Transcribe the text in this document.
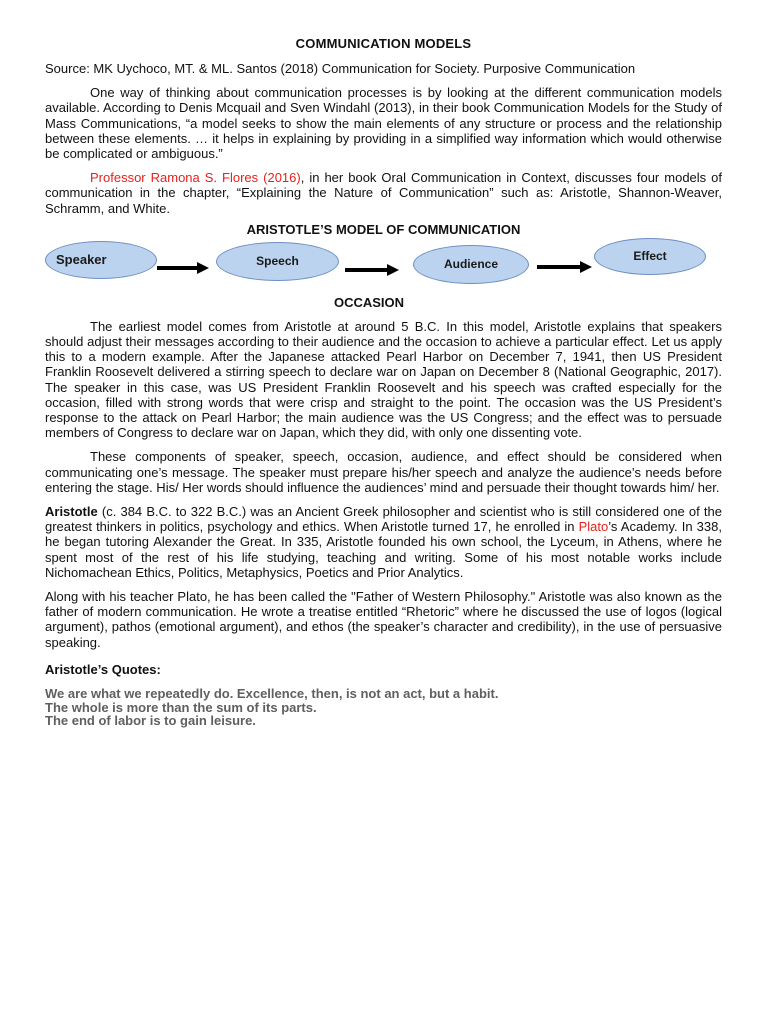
COMMUNICATION MODELS

Source: MK Uychoco, MT. & ML. Santos (2018) Communication for Society. Purposive Communication

One way of thinking about communication processes is by looking at the different communication models available. According to Denis Mcquail and Sven Windahl (2013), in their book Communication Models for the Study of Mass Communications, “a model seeks to show the main elements of any structure or process and the relationship between these elements. … it helps in explaining by providing in a simplified way information which would otherwise be complicated or ambiguous.”

Professor Ramona S. Flores (2016), in her book Oral Communication in Context, discusses four models of communication in the chapter, “Explaining the Nature of Communication” such as: Aristotle, Shannon-Weaver, Schramm, and White.

ARISTOTLE’S MODEL OF COMMUNICATION
Speaker	Speech	Audience
Effect
OCCASION

The earliest model comes from Aristotle at around 5 B.C. In this model, Aristotle explains that speakers should adjust their messages according to their audience and the occasion to achieve a particular effect. Let us apply this to a modern example. After the Japanese attacked Pearl Harbor on December 7, 1941, then US President Franklin Roosevelt delivered a stirring speech to declare war on Japan on December 8 (National Geographic, 2017). The speaker in this case, was US President Franklin Roosevelt and his speech was crafted especially for the occasion, filled with strong words that were crisp and straight to the point. The occasion was the US President’s response to the attack on Pearl Harbor; the main audience was the US Congress; and the effect was to persuade members of Congress to declare war on Japan, which they did, with only one dissenting vote.

These components of speaker, speech, occasion, audience, and effect should be considered when communicating one’s message. The speaker must prepare his/her speech and analyze the audience’s needs before entering the stage. His/ Her words should influence the audiences’ mind and persuade their thought towards him/ her.

Aristotle (c. 384 B.C. to 322 B.C.) was an Ancient Greek philosopher and scientist who is still considered one of the greatest thinkers in politics, psychology and ethics. When Aristotle turned 17, he enrolled in Plato’s Academy. In 338, he began tutoring Alexander the Great. In 335, Aristotle founded his own school, the Lyceum, in Athens, where he spent most of the rest of his life studying, teaching and writing. Some of his most notable works include Nichomachean Ethics, Politics, Metaphysics, Poetics and Prior Analytics.

Along with his teacher Plato, he has been called the "Father of Western Philosophy." Aristotle was also known as the father of modern communication. He wrote a treatise entitled “Rhetoric” where he discussed the use of logos (logical argument), pathos (emotional argument), and ethos (the speaker’s character and credibility), in the use of persuasive speaking.

Aristotle’s Quotes:
We are what we repeatedly do. Excellence, then, is not an act, but a habit.
The whole is more than the sum of its parts.
The end of labor is to gain leisure.
